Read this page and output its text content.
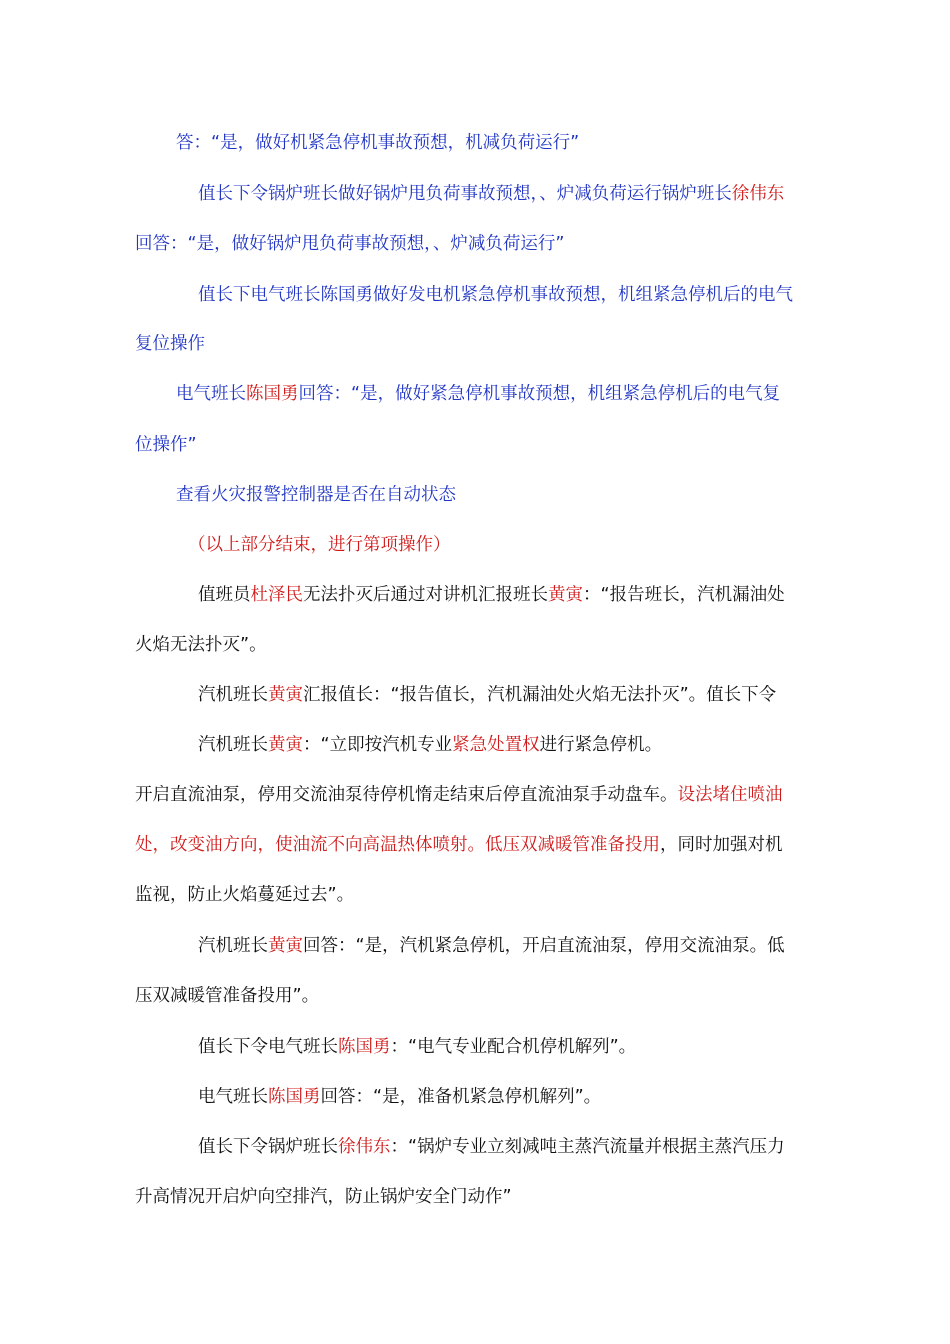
答：“是，做好机紧急停机事故预想，机减负荷运行”

值长下令锅炉班长做好锅炉甩负荷事故预想，、炉减负荷运行锅炉班长徐伟东

回答：“是，做好锅炉甩负荷事故预想，、炉减负荷运行”

值长下电气班长陈国勇做好发电机紧急停机事故预想，机组紧急停机后的电气

复位操作

电气班长陈国勇回答：“是，做好紧急停机事故预想，机组紧急停机后的电气复

位操作”

查看火灾报警控制器是否在自动状态

（以上部分结束，进行第项操作）

值班员杜泽民无法扑灭后通过对讲机汇报班长黄寅：“报告班长，汽机漏油处

火焰无法扑灭”。

汽机班长黄寅汇报值长：“报告值长，汽机漏油处火焰无法扑灭”。值长下令

汽机班长黄寅：“立即按汽机专业紧急处置权进行紧急停机。

开启直流油泵，停用交流油泵待停机惰走结束后停直流油泵手动盘车。设法堵住喷油

处，改变油方向，使油流不向高温热体喷射。低压双减暖管准备投用，同时加强对机

监视，防止火焰蔓延过去”。

汽机班长黄寅回答：“是，汽机紧急停机，开启直流油泵，停用交流油泵。低

压双减暖管准备投用”。

值长下令电气班长陈国勇：“电气专业配合机停机解列”。

电气班长陈国勇回答：“是，准备机紧急停机解列”。

值长下令锅炉班长徐伟东：“锅炉专业立刻减吨主蒸汽流量并根据主蒸汽压力

升高情况开启炉向空排汽，防止锅炉安全门动作”
